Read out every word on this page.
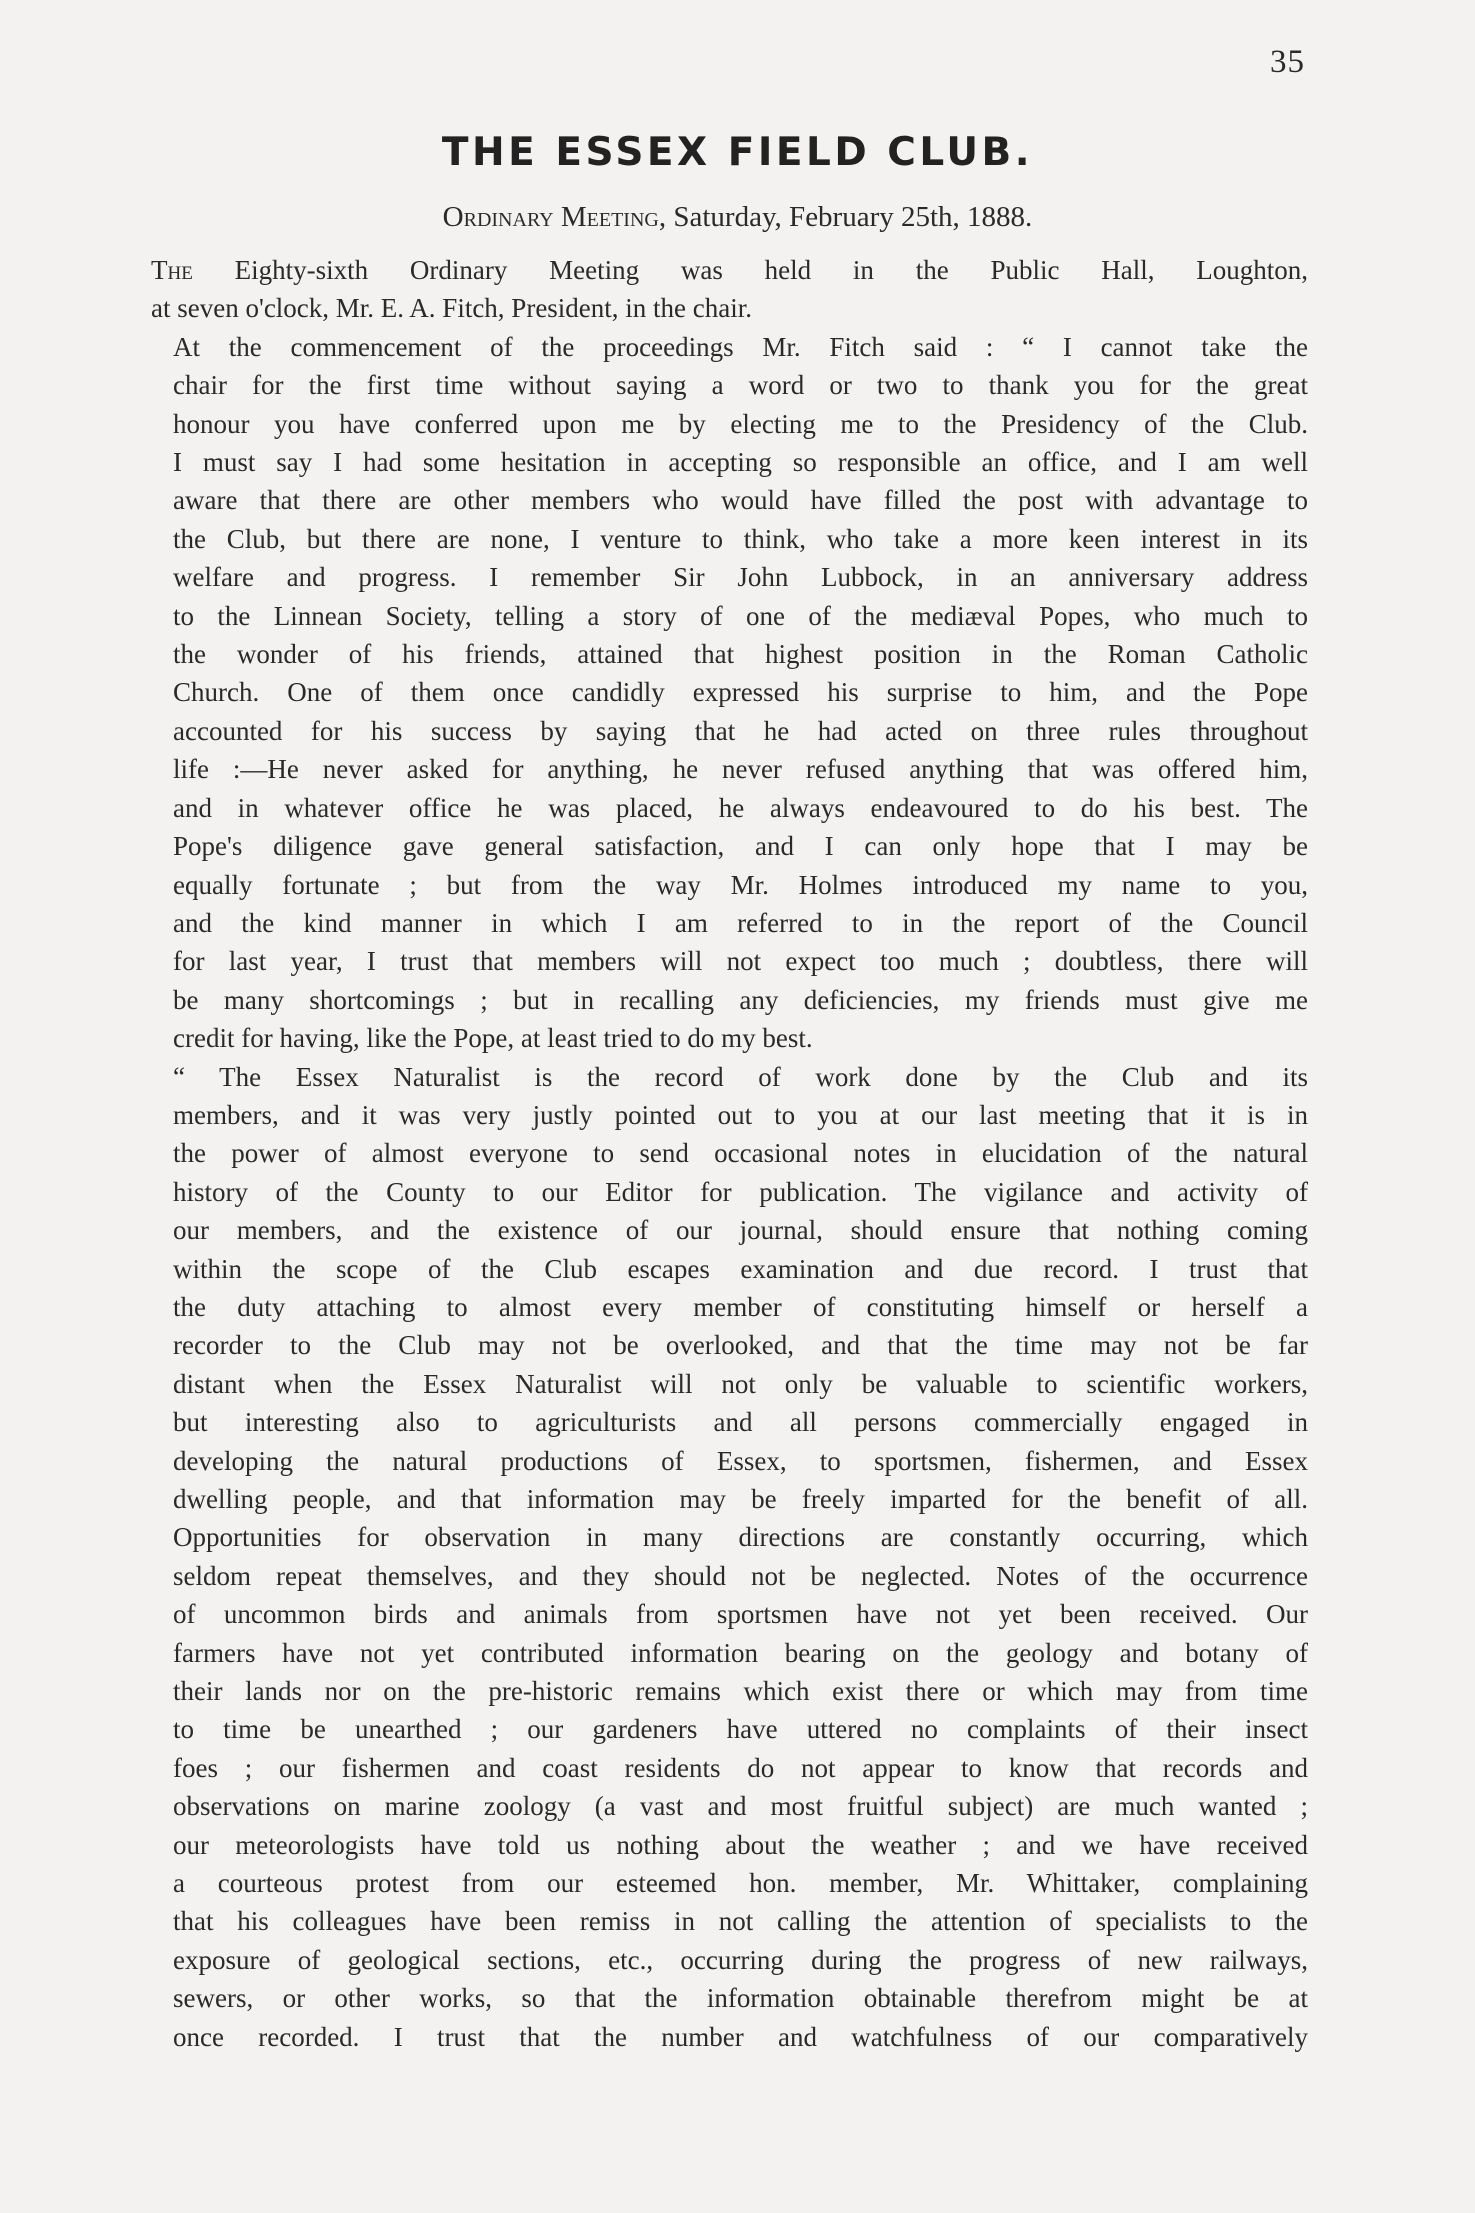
35
THE ESSEX FIELD CLUB.
Ordinary Meeting, Saturday, February 25th, 1888.

The Eighty-sixth Ordinary Meeting was held in the Public Hall, Loughton,
at seven o'clock, Mr. E. A. Fitch, President, in the chair.

At the commencement of the proceedings Mr. Fitch said : “ I cannot take the
chair for the first time without saying a word or two to thank you for the great
honour you have conferred upon me by electing me to the Presidency of the Club.
I must say I had some hesitation in accepting so responsible an office, and I am well
aware that there are other members who would have filled the post with advantage to
the Club, but there are none, I venture to think, who take a more keen interest in its
welfare and progress. I remember Sir John Lubbock, in an anniversary address
to the Linnean Society, telling a story of one of the mediæval Popes, who much to
the wonder of his friends, attained that highest position in the Roman Catholic
Church. One of them once candidly expressed his surprise to him, and the Pope
accounted for his success by saying that he had acted on three rules throughout
life :—He never asked for anything, he never refused anything that was offered him,
and in whatever office he was placed, he always endeavoured to do his best. The
Pope's diligence gave general satisfaction, and I can only hope that I may be
equally fortunate ; but from the way Mr. Holmes introduced my name to you,
and the kind manner in which I am referred to in the report of the Council
for last year, I trust that members will not expect too much ; doubtless, there will
be many shortcomings ; but in recalling any deficiencies, my friends must give me
credit for having, like the Pope, at least tried to do my best.

“ The Essex Naturalist is the record of work done by the Club and its
members, and it was very justly pointed out to you at our last meeting that it is in
the power of almost everyone to send occasional notes in elucidation of the natural
history of the County to our Editor for publication. The vigilance and activity of
our members, and the existence of our journal, should ensure that nothing coming
within the scope of the Club escapes examination and due record. I trust that
the duty attaching to almost every member of constituting himself or herself a
recorder to the Club may not be overlooked, and that the time may not be far
distant when the Essex Naturalist will not only be valuable to scientific workers,
but interesting also to agriculturists and all persons commercially engaged in
developing the natural productions of Essex, to sportsmen, fishermen, and Essex
dwelling people, and that information may be freely imparted for the benefit of all.
Opportunities for observation in many directions are constantly occurring, which
seldom repeat themselves, and they should not be neglected. Notes of the occurrence
of uncommon birds and animals from sportsmen have not yet been received. Our
farmers have not yet contributed information bearing on the geology and botany of
their lands nor on the pre-historic remains which exist there or which may from time
to time be unearthed ; our gardeners have uttered no complaints of their insect
foes ; our fishermen and coast residents do not appear to know that records and
observations on marine zoology (a vast and most fruitful subject) are much wanted ;
our meteorologists have told us nothing about the weather ; and we have received
a courteous protest from our esteemed hon. member, Mr. Whittaker, complaining
that his colleagues have been remiss in not calling the attention of specialists to the
exposure of geological sections, etc., occurring during the progress of new railways,
sewers, or other works, so that the information obtainable therefrom might be at
once recorded. I trust that the number and watchfulness of our comparatively
